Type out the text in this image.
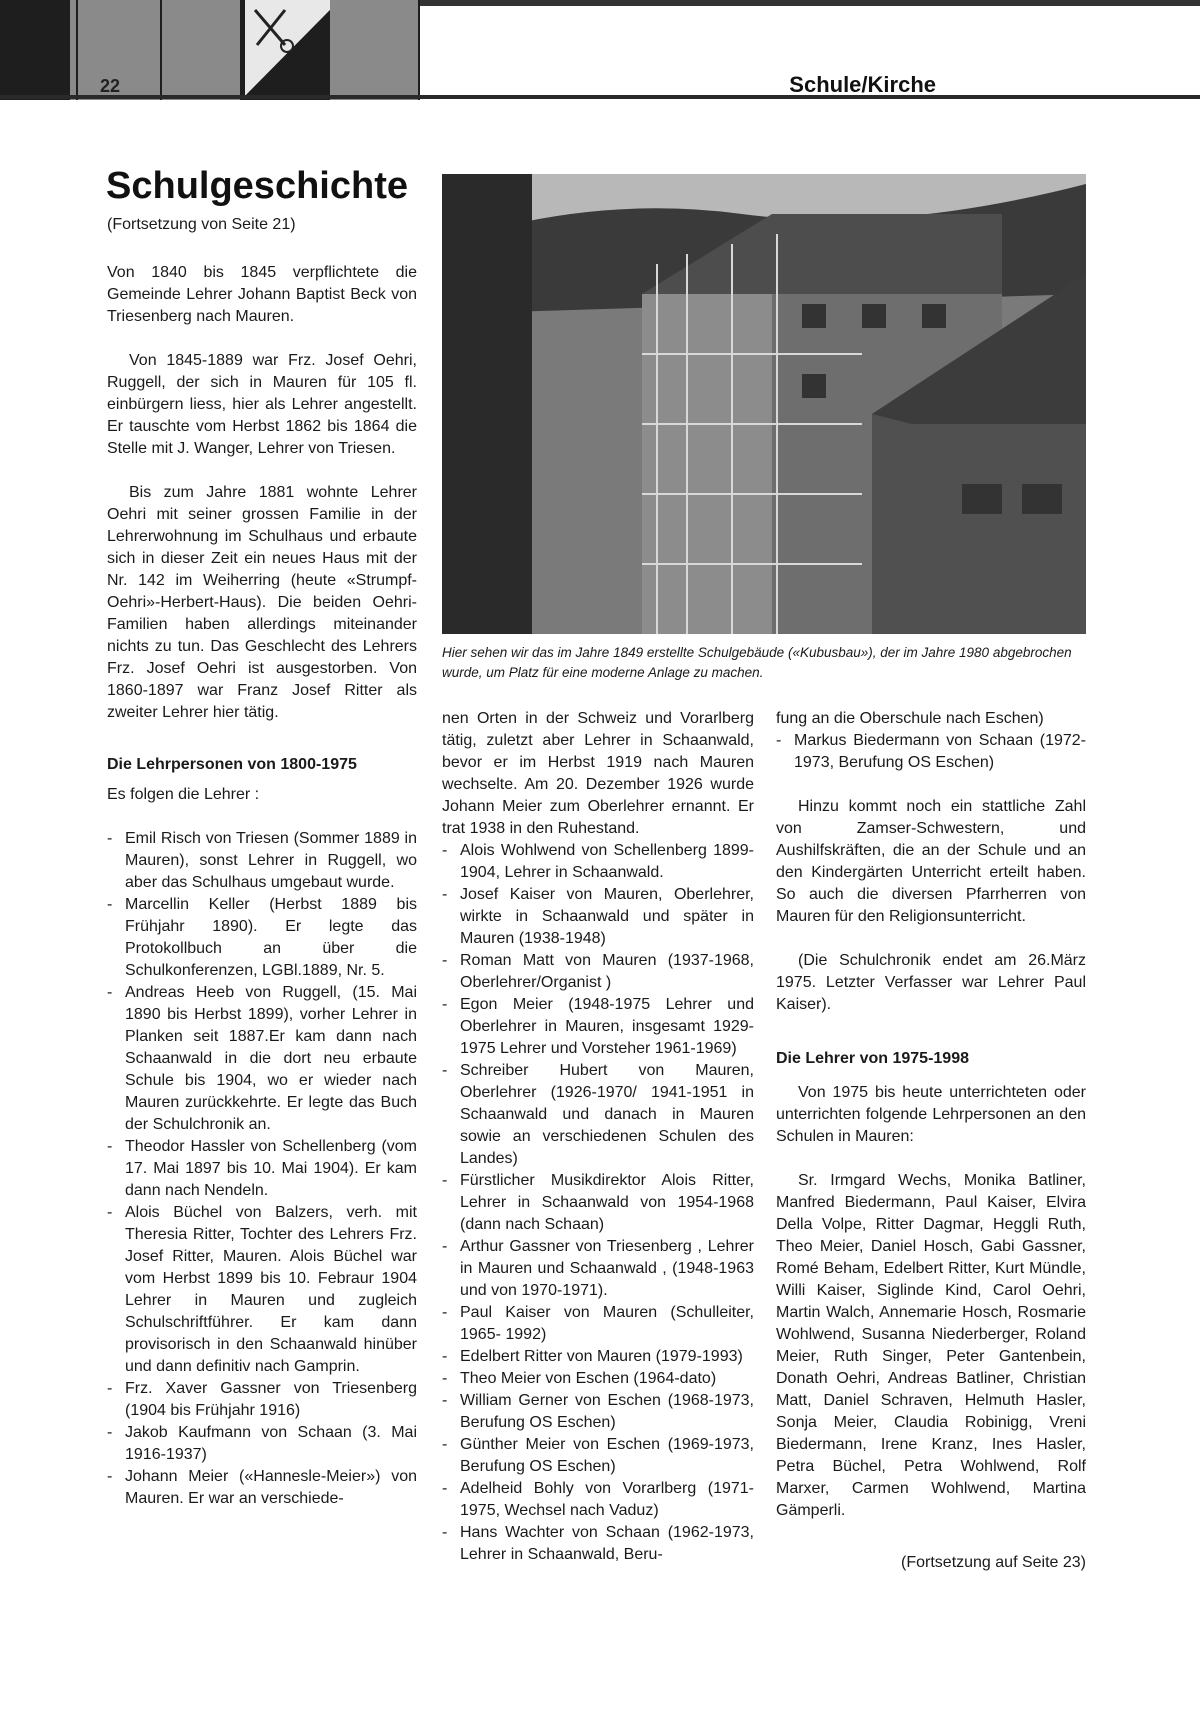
22	Schule/Kirche
Schulgeschichte
(Fortsetzung von Seite 21)

Von 1840 bis 1845 verpflichtete die Gemeinde Lehrer Johann Baptist Beck von Triesenberg nach Mauren.

Von 1845-1889 war Frz. Josef Oehri, Ruggell, der sich in Mauren für 105 fl. einbürgern liess, hier als Lehrer angestellt. Er tauschte vom Herbst 1862 bis 1864 die Stelle mit J. Wanger, Lehrer von Triesen.

Bis zum Jahre 1881 wohnte Lehrer Oehri mit seiner grossen Familie in der Lehrerwohnung im Schulhaus und erbaute sich in dieser Zeit ein neues Haus mit der Nr. 142 im Weiherring (heute «Strumpf-Oehri»-Herbert-Haus). Die beiden Oehri-Familien haben allerdings miteinander nichts zu tun. Das Geschlecht des Lehrers Frz. Josef Oehri ist ausgestorben. Von 1860-1897 war Franz Josef Ritter als zweiter Lehrer hier tätig.

Die Lehrpersonen von 1800-1975

Es folgen die Lehrer :

- Emil Risch von Triesen (Sommer 1889 in Mauren), sonst Lehrer in Ruggell, wo aber das Schulhaus umgebaut wurde.
- Marcellin Keller (Herbst 1889 bis Frühjahr 1890). Er legte das Protokollbuch an über die Schulkonferenzen, LGBl.1889, Nr. 5.
- Andreas Heeb von Ruggell, (15. Mai 1890 bis Herbst 1899), vorher Lehrer in Planken seit 1887.Er kam dann nach Schaanwald in die dort neu erbaute Schule bis 1904, wo er wieder nach Mauren zurückkehrte. Er legte das Buch der Schulchronik an.
- Theodor Hassler von Schellenberg (vom 17. Mai 1897 bis 10. Mai 1904). Er kam dann nach Nendeln.
- Alois Büchel von Balzers, verh. mit Theresia Ritter, Tochter des Lehrers Frz. Josef Ritter, Mauren. Alois Büchel war vom Herbst 1899 bis 10. Febraur 1904 Lehrer in Mauren und zugleich Schulschriftführer. Er kam dann provisorisch in den Schaanwald hinüber und dann definitiv nach Gamprin.
- Frz. Xaver Gassner von Triesenberg (1904 bis Frühjahr 1916)
- Jakob Kaufmann von Schaan (3. Mai 1916-1937)
- Johann Meier («Hannesle-Meier») von Mauren. Er war an verschiede-
Hier sehen wir das im Jahre 1849 erstellte Schulgebäude («Kubusbau»), der im Jahre 1980 abgebrochen wurde, um Platz für eine moderne Anlage zu machen.

nen Orten in der Schweiz und Vorarlberg tätig, zuletzt aber Lehrer in Schaanwald, bevor er im Herbst 1919 nach Mauren wechselte. Am 20. Dezember 1926 wurde Johann Meier zum Oberlehrer ernannt. Er trat 1938 in den Ruhestand.

- Alois Wohlwend von Schellenberg 1899-1904, Lehrer in Schaanwald.
- Josef Kaiser von Mauren, Oberlehrer, wirkte in Schaanwald und später in Mauren (1938-1948)
- Roman Matt von Mauren (1937-1968, Oberlehrer/Organist )
- Egon Meier (1948-1975 Lehrer und Oberlehrer in Mauren, insgesamt 1929-1975 Lehrer und Vorsteher 1961-1969)
- Schreiber Hubert von Mauren, Oberlehrer (1926-1970/ 1941-1951 in Schaanwald und danach in Mauren sowie an verschiedenen Schulen des Landes)
- Fürstlicher Musikdirektor Alois Ritter, Lehrer in Schaanwald von 1954-1968 (dann nach Schaan)
- Arthur Gassner von Triesenberg , Lehrer in Mauren und Schaanwald , (1948-1963 und von 1970-1971).
- Paul Kaiser von Mauren (Schulleiter, 1965- 1992)
- Edelbert Ritter von Mauren (1979-1993)
- Theo Meier von Eschen (1964-dato)
- William Gerner von Eschen (1968-1973, Berufung OS Eschen)
- Günther Meier von Eschen (1969-1973, Berufung OS Eschen)
- Adelheid Bohly von Vorarlberg (1971-1975, Wechsel nach Vaduz)
- Hans Wachter von Schaan (1962-1973, Lehrer in Schaanwald, Beru-

fung an die Oberschule nach Eschen)

- Markus Biedermann von Schaan (1972-1973, Berufung OS Eschen)

Hinzu kommt noch ein stattliche Zahl von Zamser-Schwestern, und Aushilfskräften, die an der Schule und an den Kindergärten Unterricht erteilt haben. So auch die diversen Pfarrherren von Mauren für den Religionsunterricht.

(Die Schulchronik endet am 26.März 1975. Letzter Verfasser war Lehrer Paul Kaiser).

Die Lehrer von 1975-1998

Von 1975 bis heute unterrichteten oder unterrichten folgende Lehrpersonen an den Schulen in Mauren:

Sr. Irmgard Wechs, Monika Batliner, Manfred Biedermann, Paul Kaiser, Elvira Della Volpe, Ritter Dagmar, Heggli Ruth, Theo Meier, Daniel Hosch, Gabi Gassner, Romé Beham, Edelbert Ritter, Kurt Mündle, Willi Kaiser, Siglinde Kind, Carol Oehri, Martin Walch, Annemarie Hosch, Rosmarie Wohlwend, Susanna Niederberger, Roland Meier, Ruth Singer, Peter Gantenbein, Donath Oehri, Andreas Batliner, Christian Matt, Daniel Schraven, Helmuth Hasler, Sonja Meier, Claudia Robinigg, Vreni Biedermann, Irene Kranz, Ines Hasler, Petra Büchel, Petra Wohlwend, Rolf Marxer, Carmen Wohlwend, Martina Gämperli.

(Fortsetzung auf Seite 23)
